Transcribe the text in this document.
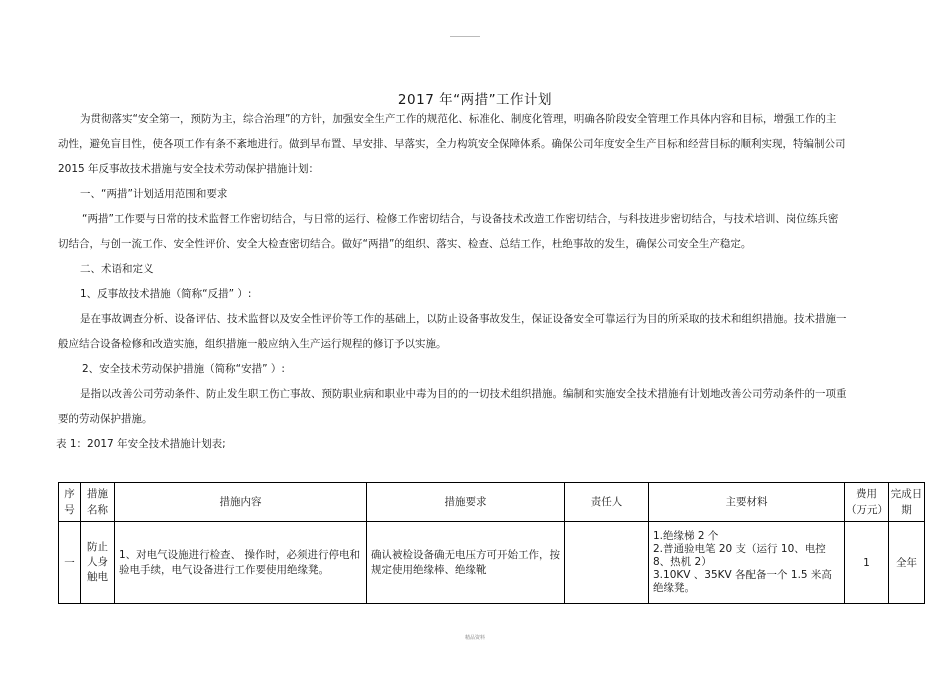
2017 年“两措”工作计划
为贯彻落实“安全第一，预防为主，综合治理”的方针，加强安全生产工作的规范化、标准化、制度化管理，明确各阶段安全管理工作具体内容和目标，增强工作的主
动性，避免盲目性，使各项工作有条不紊地进行。做到早布置、早安排、早落实，全力构筑安全保障体系。确保公司年度安全生产目标和经营目标的顺利实现，特编制公司
2015 年反事故技术措施与安全技术劳动保护措施计划：
一、“两措”计划适用范围和要求
“两措”工作要与日常的技术监督工作密切结合，与日常的运行、检修工作密切结合，与设备技术改造工作密切结合，与科技进步密切结合，与技术培训、岗位练兵密
切结合，与创一流工作、安全性评价、安全大检查密切结合。做好“两措”的组织、落实、检查、总结工作，杜绝事故的发生，确保公司安全生产稳定。
二、术语和定义
1、反事故技术措施（简称“反措” ）:
是在事故调查分析、设备评估、技术监督以及安全性评价等工作的基础上，以防止设备事故发生，保证设备安全可靠运行为目的所采取的技术和组织措施。技术措施一
般应结合设备检修和改造实施，组织措施一般应纳入生产运行规程的修订予以实施。
2、安全技术劳动保护措施（简称“安措” ）:
是指以改善公司劳动条件、防止发生职工伤亡事故、预防职业病和职业中毒为目的的一切技术组织措施。编制和实施安全技术措施有计划地改善公司劳动条件的一项重
要的劳动保护措施。
表 1：2017 年安全技术措施计划表;
序号	措施名称	措施内容	措施要求	责任人	主要材料	费用（万元）	完成日期
一	防止人身触电	1、对电气设施进行检查、 操作时，必须进行停电和验电手续，电气设备进行工作要使用绝缘凳。	确认被检设备确无电压方可开始工作，按规定使用绝缘棒、绝缘靴		1.绝缘梯 2 个
2.普通验电笔 20 支（运行 10、电控 8、热机 2）
3.10KV 、35KV 各配备一个 1.5 米高绝缘凳。	1	全年
精品资料
